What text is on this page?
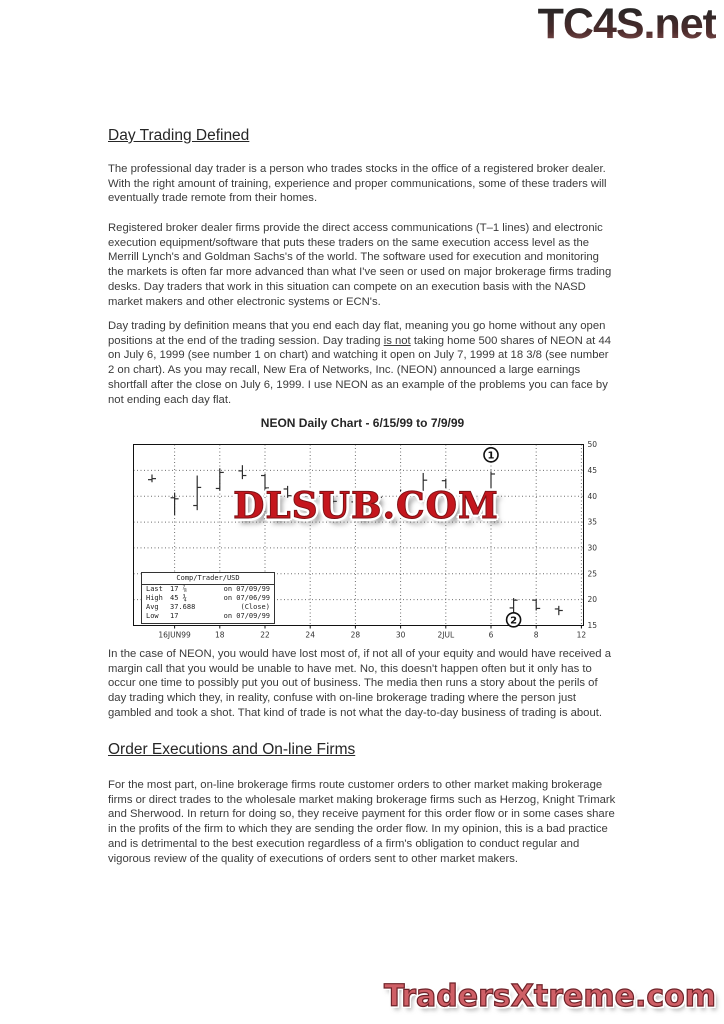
TC4S.net
Day Trading Defined

The professional day trader is a person who trades stocks in the office of a registered broker dealer. With the right amount of training, experience and proper communications, some of these traders will eventually trade remote from their homes.

Registered broker dealer firms provide the direct access communications (T–1 lines) and electronic execution equipment/software that puts these traders on the same execution access level as the Merrill Lynch's and Goldman Sachs's of the world. The software used for execution and monitoring the markets is often far more advanced than what I've seen or used on major brokerage firms trading desks. Day traders that work in this situation can compete on an execution basis with the NASD market makers and other electronic systems or ECN's.

Day trading by definition means that you end each day flat, meaning you go home without any open positions at the end of the trading session. Day trading is not taking home 500 shares of NEON at 44 on July 6, 1999 (see number 1 on chart) and watching it open on July 7, 1999 at 18 3/8 (see number 2 on chart). As you may recall, New Era of Networks, Inc. (NEON) announced a large earnings shortfall after the close on July 6, 1999. I use NEON as an example of the problems you can face by not ending each day flat.

NEON Daily Chart - 6/15/99 to 7/9/99
50
45
40
35
30
25
20
15
16JUN99	18	22	24	28	30	2JUL	6	8	12
1
2
Comp/Trader/USD
Last	17 ⅞	on 07/09/99
High	45 ¾	on 07/06/99
Avg	37.688	(Close)
Low	17	on 07/09/99
DLSUB.COM

In the case of NEON, you would have lost most of, if not all of your equity and would have received a margin call that you would be unable to have met. No, this doesn't happen often but it only has to occur one time to possibly put you out of business. The media then runs a story about the perils of day trading which they, in reality, confuse with on-line brokerage trading where the person just gambled and took a shot. That kind of trade is not what the day-to-day business of trading is about.

Order Executions and On-line Firms

For the most part, on-line brokerage firms route customer orders to other market making brokerage firms or direct trades to the wholesale market making brokerage firms such as Herzog, Knight Trimark and Sherwood. In return for doing so, they receive payment for this order flow or in some cases share in the profits of the firm to which they are sending the order flow. In my opinion, this is a bad practice and is detrimental to the best execution regardless of a firm's obligation to conduct regular and vigorous review of the quality of executions of orders sent to other market makers.

TradersXtreme.com
